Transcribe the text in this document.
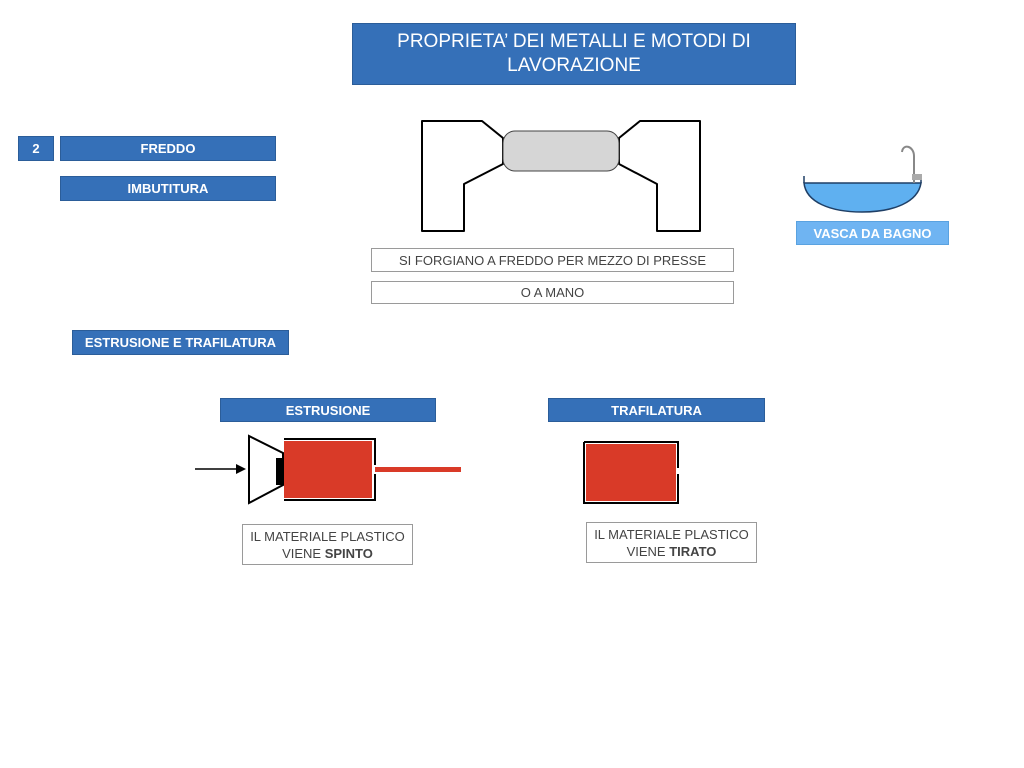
PROPRIETA’ DEI METALLI E MOTODI DI LAVORAZIONE
2	FREDDO
IMBUTITURA
SI FORGIANO A FREDDO PER MEZZO DI PRESSE
O A MANO
VASCA DA BAGNO
ESTRUSIONE E TRAFILATURA
ESTRUSIONE	TRAFILATURA
IL MATERIALE PLASTICO
VIENE SPINTO
IL MATERIALE PLASTICO
VIENE TIRATO
